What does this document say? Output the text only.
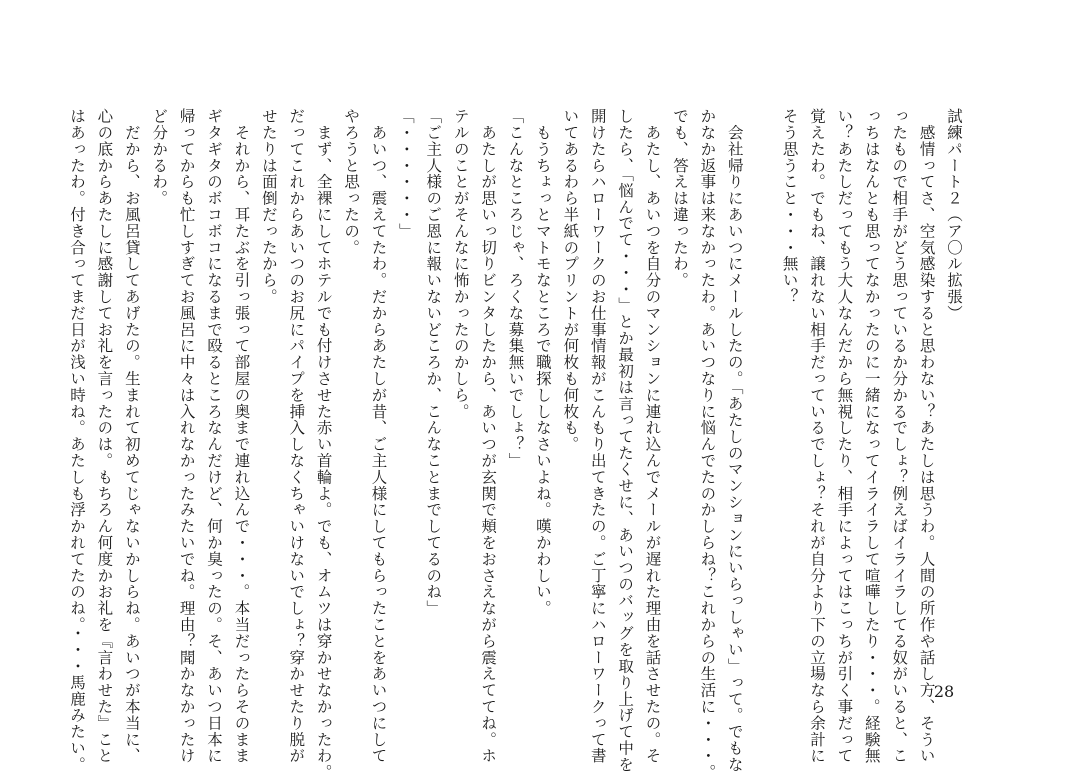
試練パート２（ア〇ル拡張）
　感情ってさ、空気感染すると思わない？あたしは思うわ。人間の所作や話し方、そうい
ったもので相手がどう思っているか分かるでしょ？例えばイライラしてる奴がいると、こ
っちはなんとも思ってなかったのに一緒になってイライラして喧嘩したり・・・。経験無
い？あたしだってもう大人なんだから無視したり、相手によってはこっちが引く事だって
覚えたわ。でもね、譲れない相手だっているでしょ？それが自分より下の立場なら余計に
そう思うこと・・・無い？

　会社帰りにあいつにメールしたの。「あたしのマンションにいらっしゃい」って。でもな
かなか返事は来なかったわ。あいつなりに悩んでたのかしらね？これからの生活に・・・。
でも、答えは違ったわ。
　あたし、あいつを自分のマンションに連れ込んでメールが遅れた理由を話させたの。そ
したら、「悩んでて・・・」とか最初は言ってたくせに、あいつのバッグを取り上げて中を
開けたらハローワークのお仕事情報がこんもり出てきたの。ご丁寧にハローワークって書
いてあるわら半紙のプリントが何枚も何枚も。
　もうちょっとマトモなところで職探ししなさいよね。嘆かわしい。
「こんなところじゃ、ろくな募集無いでしょ？」
　あたしが思いっ切りビンタしたから、あいつが玄関で頬をおさえながら震えててね。ホ
テルのことがそんなに怖かったのかしら。
「ご主人様のご恩に報いないどころか、こんなことまでしてるのね」
「・・・・・・」
　あいつ、震えてたわ。だからあたしが昔、ご主人様にしてもらったことをあいつにして
やろうと思ったの。
　まず、全裸にしてホテルでも付けさせた赤い首輪よ。でも、オムツは穿かせなかったわ。
だってこれからあいつのお尻にパイプを挿入しなくちゃいけないでしょ？穿かせたり脱が
せたりは面倒だったから。
　それから、耳たぶを引っ張って部屋の奥まで連れ込んで・・・。本当だったらそのまま
ギタギタのボコボコになるまで殴るところなんだけど、何か臭ったの。そ、あいつ日本に
帰ってからも忙しすぎてお風呂に中々は入れなかったみたいでね。理由？聞かなかったけ
ど分かるわ。
　だから、お風呂貸してあげたの。生まれて初めてじゃないかしらね。あいつが本当に、
心の底からあたしに感謝してお礼を言ったのは。もちろん何度かお礼を『言わせた』こと
はあったわ。付き合ってまだ日が浅い時ね。あたしも浮かれてたのね。・・・馬鹿みたい。	28
